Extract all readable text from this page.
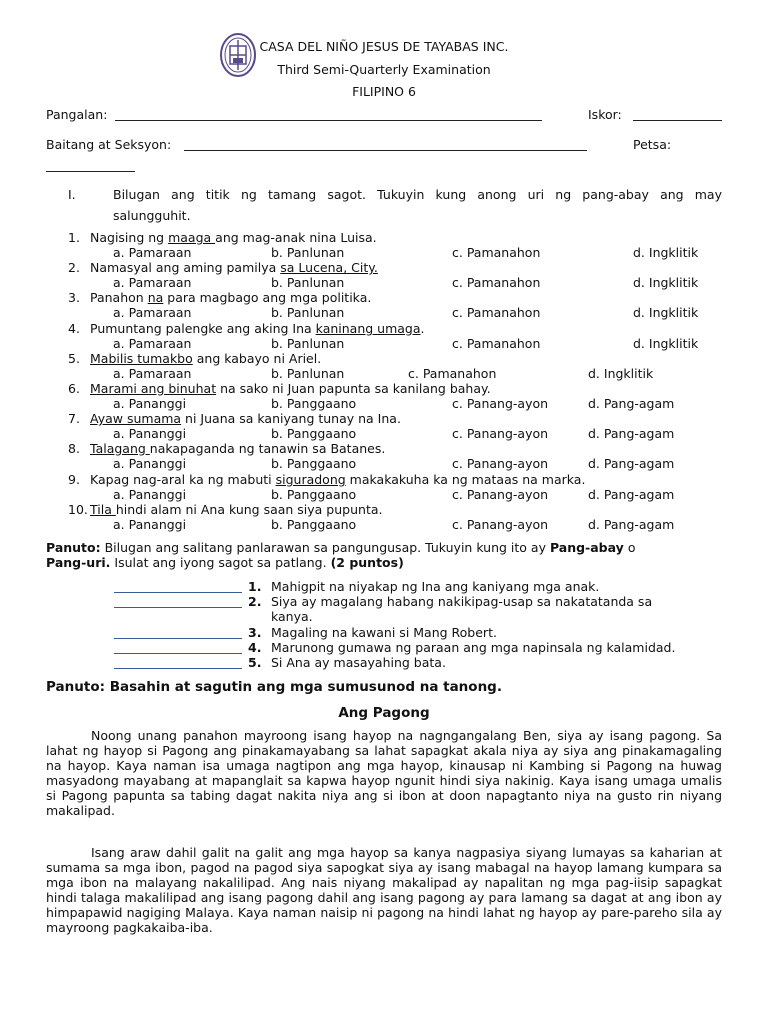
CASA DEL NIÑO JESUS DE TAYABAS INC.
Third Semi-Quarterly Examination
FILIPINO 6
Pangalan:	Iskor:
Baitang at Seksyon:	Petsa:
I.	Bilugan ang titik ng tamang sagot. Tukuyin kung anong uri ng pang-abay ang may
salungguhit.
1. Nagising ng maaga ang mag-anak nina Luisa.
a. Pamaraan	b. Panlunan	c. Pamanahon	d. Ingklitik
2. Namasyal ang aming pamilya sa Lucena, City.
a. Pamaraan	b. Panlunan	c. Pamanahon	d. Ingklitik
3. Panahon na para magbago ang mga politika.
a. Pamaraan	b. Panlunan	c. Pamanahon	d. Ingklitik
4. Pumuntang palengke ang aking Ina kaninang umaga.
a. Pamaraan	b. Panlunan	c. Pamanahon	d. Ingklitik
5. Mabilis tumakbo ang kabayo ni Ariel.
a. Pamaraan	b. Panlunan	c. Pamanahon	d. Ingklitik
6. Marami ang binuhat na sako ni Juan papunta sa kanilang bahay.
a. Pananggi	b. Panggaano	c. Panang-ayon	d. Pang-agam
7. Ayaw sumama ni Juana sa kaniyang tunay na Ina.
a. Pananggi	b. Panggaano	c. Panang-ayon	d. Pang-agam
8. Talagang nakapaganda ng tanawin sa Batanes.
a. Pananggi	b. Panggaano	c. Panang-ayon	d. Pang-agam
9. Kapag nag-aral ka ng mabuti siguradong makakakuha ka ng mataas na marka.
a. Pananggi	b. Panggaano	c. Panang-ayon	d. Pang-agam
10. Tila hindi alam ni Ana kung saan siya pupunta.
a. Pananggi	b. Panggaano	c. Panang-ayon	d. Pang-agam
Panuto: Bilugan ang salitang panlarawan sa pangungusap. Tukuyin kung ito ay Pang-abay o
Pang-uri. Isulat ang iyong sagot sa patlang. (2 puntos)
1. Mahigpit na niyakap ng Ina ang kaniyang mga anak.
2. Siya ay magalang habang nakikipag-usap sa nakatatanda sa
kanya.
3. Magaling na kawani si Mang Robert.
4. Marunong gumawa ng paraan ang mga napinsala ng kalamidad.
5. Si Ana ay masayahing bata.
Panuto: Basahin at sagutin ang mga sumusunod na tanong.
Ang Pagong
Noong unang panahon mayroong isang hayop na nagngangalang Ben, siya ay isang pagong. Sa lahat ng hayop si Pagong ang pinakamayabang sa lahat sapagkat akala niya ay siya ang pinakamagaling na hayop. Kaya naman isa umaga nagtipon ang mga hayop, kinausap ni Kambing si Pagong na huwag masyadong mayabang at mapanglait sa kapwa hayop ngunit hindi siya nakinig. Kaya isang umaga umalis si Pagong papunta sa tabing dagat nakita niya ang si ibon at doon napagtanto niya na gusto rin niyang makalipad.
Isang araw dahil galit na galit ang mga hayop sa kanya nagpasiya siyang lumayas sa kaharian at sumama sa mga ibon, pagod na pagod siya sapogkat siya ay isang mabagal na hayop lamang kumpara sa mga ibon na malayang nakalilipad. Ang nais niyang makalipad ay napalitan ng mga pag-iisip sapagkat hindi talaga makalilipad ang isang pagong dahil ang isang pagong ay para lamang sa dagat at ang ibon ay himpapawid nagiging Malaya. Kaya naman naisip ni pagong na hindi lahat ng hayop ay pare-pareho sila ay mayroong pagkakaiba-iba.
